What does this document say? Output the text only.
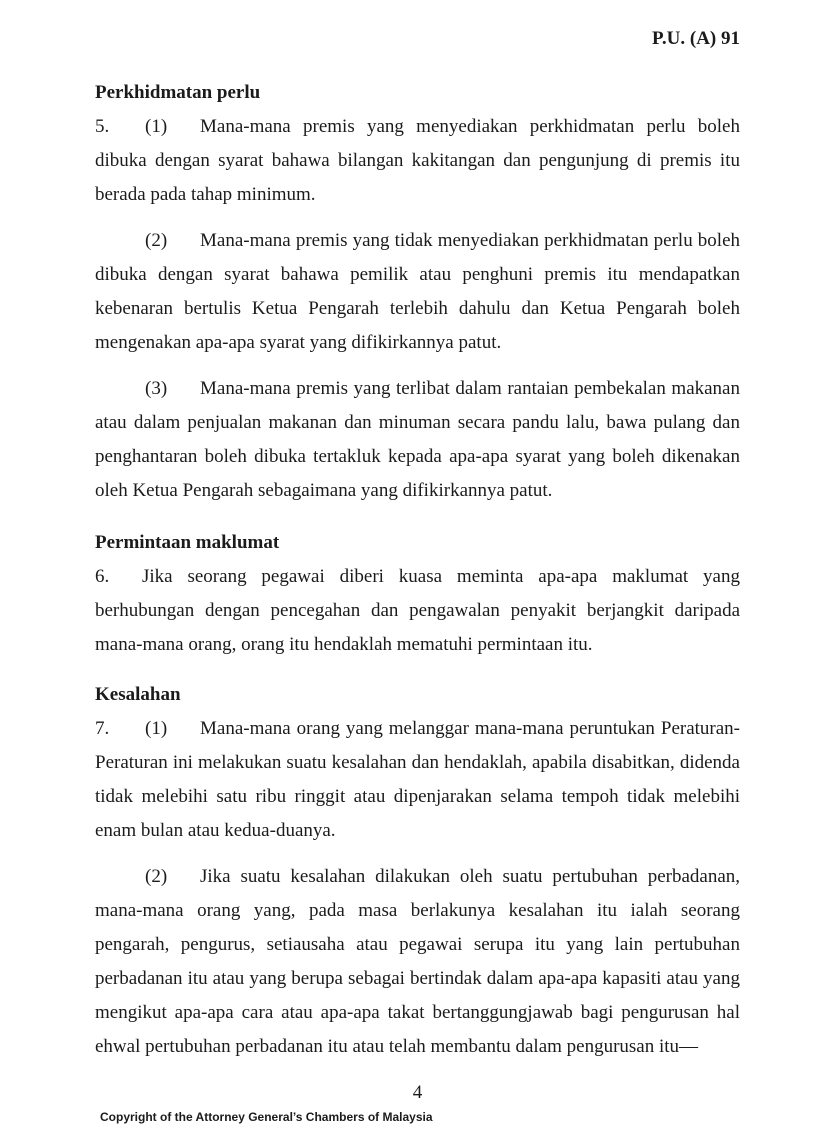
P.U. (A) 91
Perkhidmatan perlu

5. (1) Mana-mana premis yang menyediakan perkhidmatan perlu boleh dibuka dengan syarat bahawa bilangan kakitangan dan pengunjung di premis itu berada pada tahap minimum.

(2) Mana-mana premis yang tidak menyediakan perkhidmatan perlu boleh dibuka dengan syarat bahawa pemilik atau penghuni premis itu mendapatkan kebenaran bertulis Ketua Pengarah terlebih dahulu dan Ketua Pengarah boleh mengenakan apa-apa syarat yang difikirkannya patut.

(3) Mana-mana premis yang terlibat dalam rantaian pembekalan makanan atau dalam penjualan makanan dan minuman secara pandu lalu, bawa pulang dan penghantaran boleh dibuka tertakluk kepada apa-apa syarat yang boleh dikenakan oleh Ketua Pengarah sebagaimana yang difikirkannya patut.

Permintaan maklumat

6. Jika seorang pegawai diberi kuasa meminta apa-apa maklumat yang berhubungan dengan pencegahan dan pengawalan penyakit berjangkit daripada mana-mana orang, orang itu hendaklah mematuhi permintaan itu.

Kesalahan

7. (1) Mana-mana orang yang melanggar mana-mana peruntukan Peraturan-Peraturan ini melakukan suatu kesalahan dan hendaklah, apabila disabitkan, didenda tidak melebihi satu ribu ringgit atau dipenjarakan selama tempoh tidak melebihi enam bulan atau kedua-duanya.

(2) Jika suatu kesalahan dilakukan oleh suatu pertubuhan perbadanan, mana-mana orang yang, pada masa berlakunya kesalahan itu ialah seorang pengarah, pengurus, setiausaha atau pegawai serupa itu yang lain pertubuhan perbadanan itu atau yang berupa sebagai bertindak dalam apa-apa kapasiti atau yang mengikut apa-apa cara atau apa-apa takat bertanggungjawab bagi pengurusan hal ehwal pertubuhan perbadanan itu atau telah membantu dalam pengurusan itu—

4
Copyright of the Attorney General’s Chambers of Malaysia
